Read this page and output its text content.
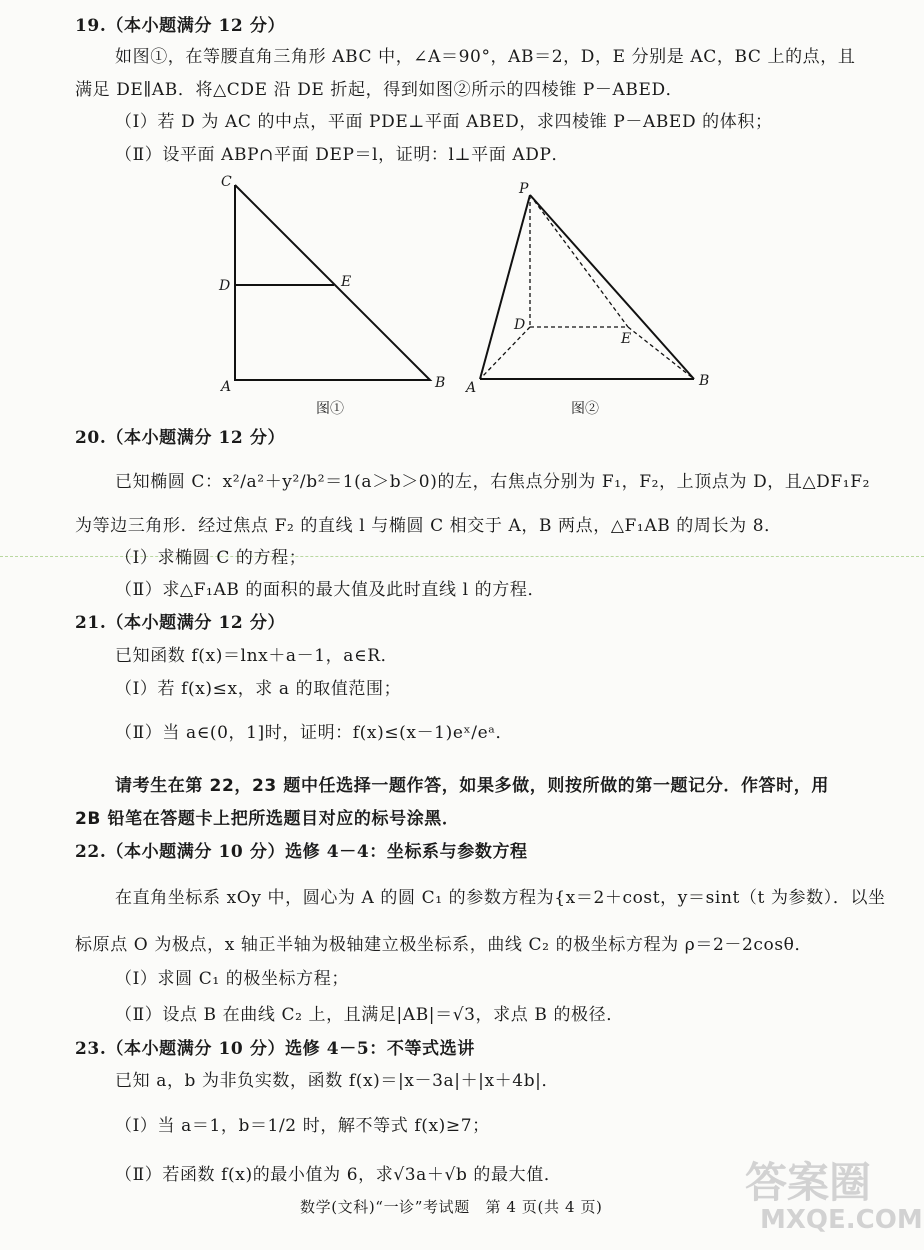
19.（本小题满分 12 分）
如图①，在等腰直角三角形 ABC 中，∠A＝90°，AB＝2，D，E 分别是 AC，BC 上的点，且
满足 DE∥AB．将△CDE 沿 DE 折起，得到如图②所示的四棱锥 P－ABED．
（Ⅰ）若 D 为 AC 的中点，平面 PDE⊥平面 ABED，求四棱锥 P－ABED 的体积；
（Ⅱ）设平面 ABP∩平面 DEP＝l，证明：l⊥平面 ADP．
C
D	E
A	B
图①
P
D
E
A	B
图②
20.（本小题满分 12 分）
已知椭圆 C：x²/a²＋y²/b²＝1(a＞b＞0)的左，右焦点分别为 F₁，F₂，上顶点为 D，且△DF₁F₂
为等边三角形．经过焦点 F₂ 的直线 l 与椭圆 C 相交于 A，B 两点，△F₁AB 的周长为 8．
（Ⅰ）求椭圆 C 的方程；
（Ⅱ）求△F₁AB 的面积的最大值及此时直线 l 的方程．
21.（本小题满分 12 分）
已知函数 f(x)＝lnx＋a－1，a∈R．
（Ⅰ）若 f(x)≤x，求 a 的取值范围；
（Ⅱ）当 a∈(0，1]时，证明：f(x)≤(x－1)eˣ/eᵃ．
请考生在第 22，23 题中任选择一题作答，如果多做，则按所做的第一题记分．作答时，用
2B 铅笔在答题卡上把所选题目对应的标号涂黑．
22.（本小题满分 10 分）选修 4－4：坐标系与参数方程
在直角坐标系 xOy 中，圆心为 A 的圆 C₁ 的参数方程为{x＝2＋cost，y＝sint（t 为参数）．以坐
标原点 O 为极点，x 轴正半轴为极轴建立极坐标系，曲线 C₂ 的极坐标方程为 ρ＝2－2cosθ．
（Ⅰ）求圆 C₁ 的极坐标方程；
（Ⅱ）设点 B 在曲线 C₂ 上，且满足|AB|＝√3，求点 B 的极径．
23.（本小题满分 10 分）选修 4－5：不等式选讲
已知 a，b 为非负实数，函数 f(x)＝|x－3a|＋|x＋4b|．
（Ⅰ）当 a＝1，b＝1/2 时，解不等式 f(x)≥7；
（Ⅱ）若函数 f(x)的最小值为 6，求√3a＋√b 的最大值．
数学(文科)“一诊”考试题　第 4 页(共 4 页)	答案圈
MXQE.COM
